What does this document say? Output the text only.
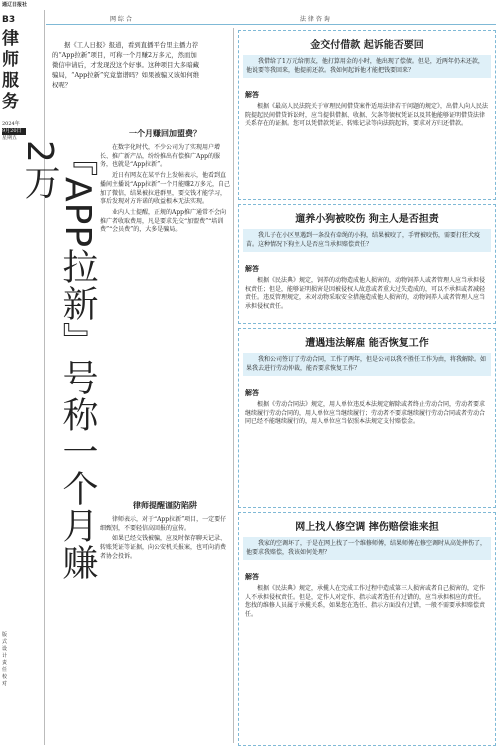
通辽日报社
B3
律师服务
2024年
9月20日
星期五
版式设计 责任校对
网 综 合	法 律 咨 询
据《工人日报》报道，看到直播平台里主播力荐的“App拉新”项目，可称一个月赚2万多元，然而加微信申请后，才发现没这个好事。这种项目大多暗藏骗局，“App拉新”究竟靠谱吗？如果被骗又该如何维权呢？
『APP拉新』号称一个月赚2万
一个月赚回加盟费？

在数字化时代，不少公司为了实现用户增长、推广新产品，纷纷推出有偿推广App的服务，也就是“App拉新”。

近日有网友在某平台上发帖表示，他看到直播间主播说“App拉新”一个月能赚2万多元，自己加了微信，结果被拉进群里，要交钱才能学习，事后发现对方许诺的收益根本无法实现。

业内人士提醒，正规的App推广通常不会向推广者收取费用，凡是要求先交“加盟费”“培训费”“会员费”的，大多是骗局。

律师提醒谨防陷阱

律师表示，对于“App拉新”项目，一定要仔细甄别，不要轻信高回报的宣传。

如果已经交钱被骗，应及时保存聊天记录、转账凭证等证据，向公安机关报案，也可向消费者协会投诉。

金交付借款 起诉能否要回
我借给了1万元给朋友，他打算用金的小时，他出现了偿债。但是，近两年仍未还款，他说要等我回来，他提前还款。我如何起诉他才能把钱要回来？
解答

根据《最高人民法院关于审理民间借贷案件适用法律若干问题的规定》，出借人向人民法院提起民间借贷诉讼时，应当提供借据、收据、欠条等债权凭证以及其他能够证明借贷法律关系存在的证据。您可以凭借款凭证、转账记录等向法院起诉，要求对方归还借款。

遛养小狗被咬伤 狗主人是否担责
我儿子在小区里遇到一条没有牵绳的小狗，结果被咬了，手臂被咬伤，需要打狂犬疫苗。这种情况下狗主人是否应当承担赔偿责任？
解答

根据《民法典》规定，饲养的动物造成他人损害的，动物饲养人或者管理人应当承担侵权责任；但是，能够证明损害是因被侵权人故意或者重大过失造成的，可以不承担或者减轻责任。违反管理规定，未对动物采取安全措施造成他人损害的，动物饲养人或者管理人应当承担侵权责任。

遭遇违法解雇 能否恢复工作
我和公司签订了劳动合同，工作了两年，但是公司以我不胜任工作为由，将我解除。如果我去进行劳动仲裁，能否要求恢复工作？
解答

根据《劳动合同法》规定，用人单位违反本法规定解除或者终止劳动合同，劳动者要求继续履行劳动合同的，用人单位应当继续履行；劳动者不要求继续履行劳动合同或者劳动合同已经不能继续履行的，用人单位应当依照本法规定支付赔偿金。

网上找人修空调 摔伤赔偿谁来担
我家的空调坏了，于是在网上找了一个维修师傅，结果师傅在修空调时从高处摔伤了，他要求我赔偿，我该如何处理？
解答

根据《民法典》规定，承揽人在完成工作过程中造成第三人损害或者自己损害的，定作人不承担侵权责任。但是，定作人对定作、指示或者选任有过错的，应当承担相应的责任。您找的维修人员属于承揽关系，如果您在选任、指示方面没有过错，一般不需要承担赔偿责任。
